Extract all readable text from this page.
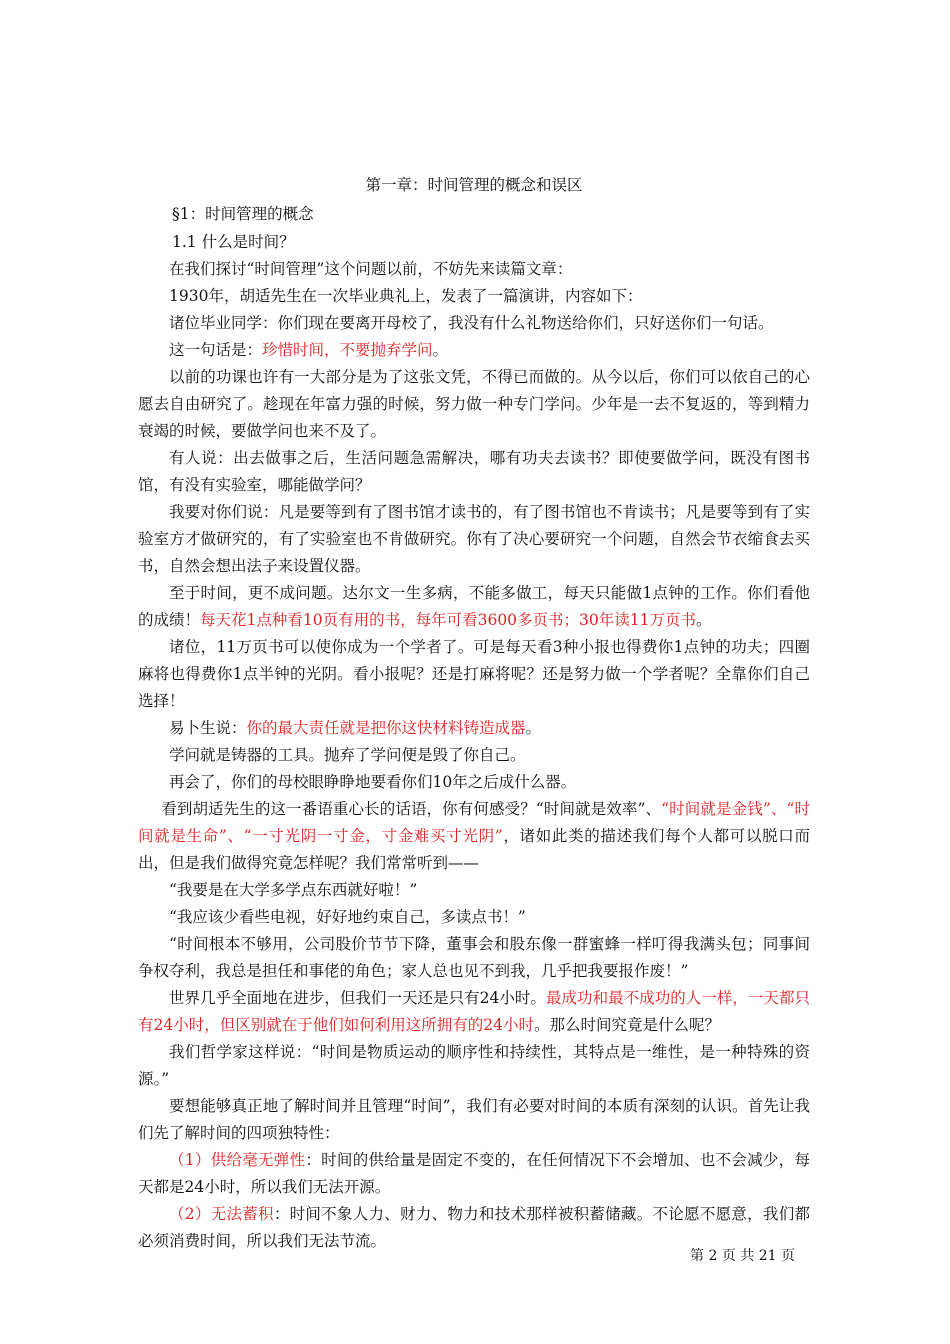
第一章：时间管理的概念和误区

§1：时间管理的概念

1.1 什么是时间？

在我们探讨“时间管理”这个问题以前，不妨先来读篇文章：

1930年，胡适先生在一次毕业典礼上，发表了一篇演讲，内容如下：

诸位毕业同学：你们现在要离开母校了，我没有什么礼物送给你们，只好送你们一句话。

这一句话是：珍惜时间，不要抛弃学问。

以前的功课也许有一大部分是为了这张文凭，不得已而做的。从今以后，你们可以依自己的心愿去自由研究了。趁现在年富力强的时候，努力做一种专门学问。少年是一去不复返的，等到精力衰竭的时候，要做学问也来不及了。

有人说：出去做事之后，生活问题急需解决，哪有功夫去读书？即使要做学问，既没有图书馆，有没有实验室，哪能做学问？

我要对你们说：凡是要等到有了图书馆才读书的，有了图书馆也不肯读书；凡是要等到有了实验室方才做研究的，有了实验室也不肯做研究。你有了决心要研究一个问题，自然会节衣缩食去买书，自然会想出法子来设置仪器。

至于时间，更不成问题。达尔文一生多病，不能多做工，每天只能做1点钟的工作。你们看他的成绩！每天花1点种看10页有用的书，每年可看3600多页书；30年读11万页书。

诸位，11万页书可以使你成为一个学者了。可是每天看3种小报也得费你1点钟的功夫；四圈麻将也得费你1点半钟的光阴。看小报呢？还是打麻将呢？还是努力做一个学者呢？全靠你们自己选择！

易卜生说：你的最大责任就是把你这快材料铸造成器。

学问就是铸器的工具。抛弃了学问便是毁了你自己。

再会了，你们的母校眼睁睁地要看你们10年之后成什么器。

看到胡适先生的这一番语重心长的话语，你有何感受？“时间就是效率”、“时间就是金钱”、“时间就是生命”、“一寸光阴一寸金，寸金难买寸光阴”，诸如此类的描述我们每个人都可以脱口而出，但是我们做得究竟怎样呢？我们常常听到——

“我要是在大学多学点东西就好啦！”

“我应该少看些电视，好好地约束自己，多读点书！”

“时间根本不够用，公司股价节节下降，董事会和股东像一群蜜蜂一样叮得我满头包；同事间争权夺利，我总是担任和事佬的角色；家人总也见不到我，几乎把我要报作废！”

世界几乎全面地在进步，但我们一天还是只有24小时。最成功和最不成功的人一样，一天都只有24小时，但区别就在于他们如何利用这所拥有的24小时。那么时间究竟是什么呢？

我们哲学家这样说：“时间是物质运动的顺序性和持续性，其特点是一维性，是一种特殊的资源。”

要想能够真正地了解时间并且管理“时间”，我们有必要对时间的本质有深刻的认识。首先让我们先了解时间的四项独特性：

（1）供给毫无弹性：时间的供给量是固定不变的，在任何情况下不会增加、也不会减少，每天都是24小时，所以我们无法开源。

（2）无法蓄积：时间不象人力、财力、物力和技术那样被积蓄储藏。不论愿不愿意，我们都必须消费时间，所以我们无法节流。

第 2 页 共 21 页
